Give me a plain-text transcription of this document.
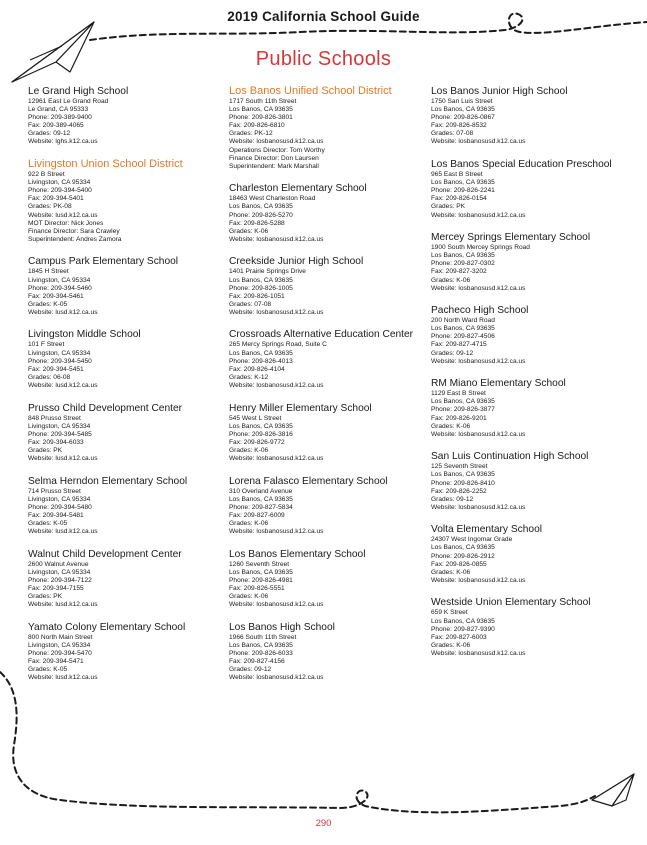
2019 California School Guide
Public Schools
Le Grand High School
12961 East Le Grand Road
Le Grand, CA 95333
Phone: 209-389-9400
Fax: 209-389-4065
Grades: 09-12
Website: lghs.k12.ca.us
Livingston Union School District
922 B Street
Livingston, CA 95334
Phone: 209-394-5400
Fax: 209-394-5401
Grades: PK-08
Website: lusd.k12.ca.us
MOT Director: Nick Jones
Finance Director: Sara Crawley
Superintendent: Andres Zamora
Campus Park Elementary School
1845 H Street
Livingston, CA 95334
Phone: 209-394-5460
Fax: 209-394-5461
Grades: K-05
Website: lusd.k12.ca.us
Livingston Middle School
101 F Street
Livingston, CA 95334
Phone: 209-394-5450
Fax: 209-394-5451
Grades: 06-08
Website: lusd.k12.ca.us
Prusso Child Development Center
848 Prusso Street
Livingston, CA 95334
Phone: 209-394-5485
Fax: 209-394-6033
Grades: PK
Website: lusd.k12.ca.us
Selma Herndon Elementary School
714 Prusso Street
Livingston, CA 95334
Phone: 209-394-5480
Fax: 209-394-5481
Grades: K-05
Website: lusd.k12.ca.us
Walnut Child Development Center
2600 Walnut Avenue
Livingston, CA 95334
Phone: 209-394-7122
Fax: 209-394-7155
Grades: PK
Website: lusd.k12.ca.us
Yamato Colony Elementary School
800 North Main Street
Livingston, CA 95334
Phone: 209-394-5470
Fax: 209-394-5471
Grades: K-05
Website: lusd.k12.ca.us
Los Banos Unified School District
1717 South 11th Street
Los Banos, CA 93635
Phone: 209-826-3801
Fax: 209-826-6810
Grades: PK-12
Website: losbanosusd.k12.ca.us
Operations Director: Tom Worthy
Finance Director: Don Laursen
Superintendent: Mark Marshall
Charleston Elementary School
18463 West Charleston Road
Los Banos, CA 93635
Phone: 209-826-5270
Fax: 209-826-5288
Grades: K-06
Website: losbanosusd.k12.ca.us
Creekside Junior High School
1401 Prairie Springs Drive
Los Banos, CA 93635
Phone: 209-826-1005
Fax: 209-826-1051
Grades: 07-08
Website: losbanosusd.k12.ca.us
Crossroads Alternative Education Center
265 Mercy Springs Road, Suite C
Los Banos, CA 93635
Phone: 209-826-4013
Fax: 209-826-4104
Grades: K-12
Website: losbanosusd.k12.ca.us
Henry Miller Elementary School
545 West L Street
Los Banos, CA 93635
Phone: 209-826-3816
Fax: 209-826-9772
Grades: K-06
Website: losbanosusd.k12.ca.us
Lorena Falasco Elementary School
310 Overland Avenue
Los Banos, CA 93635
Phone: 209-827-5834
Fax: 209-827-6009
Grades: K-06
Website: losbanosusd.k12.ca.us
Los Banos Elementary School
1260 Seventh Street
Los Banos, CA 93635
Phone: 209-826-4981
Fax: 209-826-5551
Grades: K-06
Website: losbanosusd.k12.ca.us
Los Banos High School
1966 South 11th Street
Los Banos, CA 93635
Phone: 209-826-6033
Fax: 209-827-4156
Grades: 09-12
Website: losbanosusd.k12.ca.us
Los Banos Junior High School
1750 San Luis Street
Los Banos, CA 93635
Phone: 209-826-0867
Fax: 209-826-8532
Grades: 07-08
Website: losbanosusd.k12.ca.us
Los Banos Special Education Preschool
965 East B Street
Los Banos, CA 93635
Phone: 209-826-2241
Fax: 209-826-0154
Grades: PK
Website: losbanosusd.k12.ca.us
Mercey Springs Elementary School
1900 South Mercey Springs Road
Los Banos, CA 93635
Phone: 209-827-0302
Fax: 209-827-3202
Grades: K-06
Website: losbanosusd.k12.ca.us
Pacheco High School
200 North Ward Road
Los Banos, CA 93635
Phone: 209-827-4506
Fax: 209-827-4715
Grades: 09-12
Website: losbanosusd.k12.ca.us
RM Miano Elementary School
1129 East B Street
Los Banos, CA 93635
Phone: 209-826-3877
Fax: 209-826-9201
Grades: K-06
Website: losbanosusd.k12.ca.us
San Luis Continuation High School
125 Seventh Street
Los Banos, CA 93635
Phone: 209-826-8410
Fax: 209-826-2252
Grades: 09-12
Website: losbanosusd.k12.ca.us
Volta Elementary School
24307 West Ingomar Grade
Los Banos, CA 93635
Phone: 209-826-2912
Fax: 209-826-0855
Grades: K-06
Website: losbanosusd.k12.ca.us
Westside Union Elementary School
659 K Street
Los Banos, CA 93635
Phone: 209-827-9390
Fax: 209-827-6003
Grades: K-06
Website: losbanosusd.k12.ca.us
290
